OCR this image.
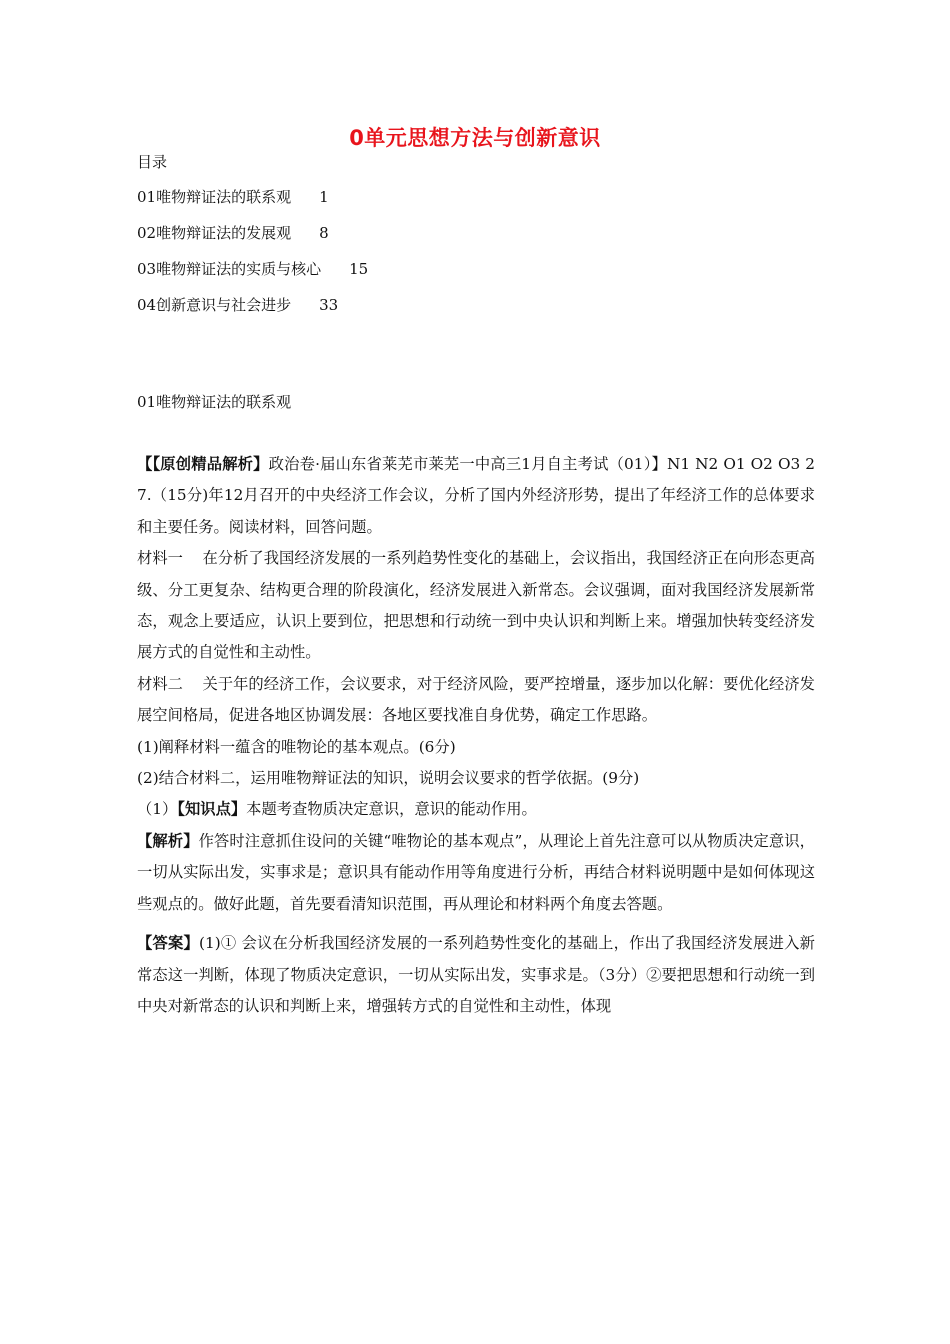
0单元思想方法与创新意识
目录
01唯物辩证法的联系观 1
02唯物辩证法的发展观 8
03唯物辩证法的实质与核心 15
04创新意识与社会进步 33
01唯物辩证法的联系观

【【原创精品解析】政治卷·届山东省莱芜市莱芜一中高三1月自主考试（01）】N1 N2 O1 O2 O3 27.（15分)年12月召开的中央经济工作会议，分析了国内外经济形势，提出了年经济工作的总体要求和主要任务。阅读材料，回答问题。

材料一 在分析了我国经济发展的一系列趋势性变化的基础上，会议指出，我国经济正在向形态更高级、分工更复杂、结构更合理的阶段演化，经济发展进入新常态。会议强调，面对我国经济发展新常态，观念上要适应，认识上要到位，把思想和行动统一到中央认识和判断上来。增强加快转变经济发展方式的自觉性和主动性。

材料二 关于年的经济工作，会议要求，对于经济风险，要严控增量，逐步加以化解：要优化经济发展空间格局，促进各地区协调发展：各地区要找准自身优势，确定工作思路。

(1)阐释材料一蕴含的唯物论的基本观点。(6分)

(2)结合材料二，运用唯物辩证法的知识，说明会议要求的哲学依据。(9分)

（1）【知识点】本题考查物质决定意识，意识的能动作用。

【解析】作答时注意抓住设问的关键“唯物论的基本观点”，从理论上首先注意可以从物质决定意识，一切从实际出发，实事求是；意识具有能动作用等角度进行分析，再结合材料说明题中是如何体现这些观点的。做好此题，首先要看清知识范围，再从理论和材料两个角度去答题。

【答案】(1)① 会议在分析我国经济发展的一系列趋势性变化的基础上，作出了我国经济发展进入新常态这一判断，体现了物质决定意识，一切从实际出发，实事求是。（3分）②要把思想和行动统一到中央对新常态的认识和判断上来，增强转方式的自觉性和主动性，体现
